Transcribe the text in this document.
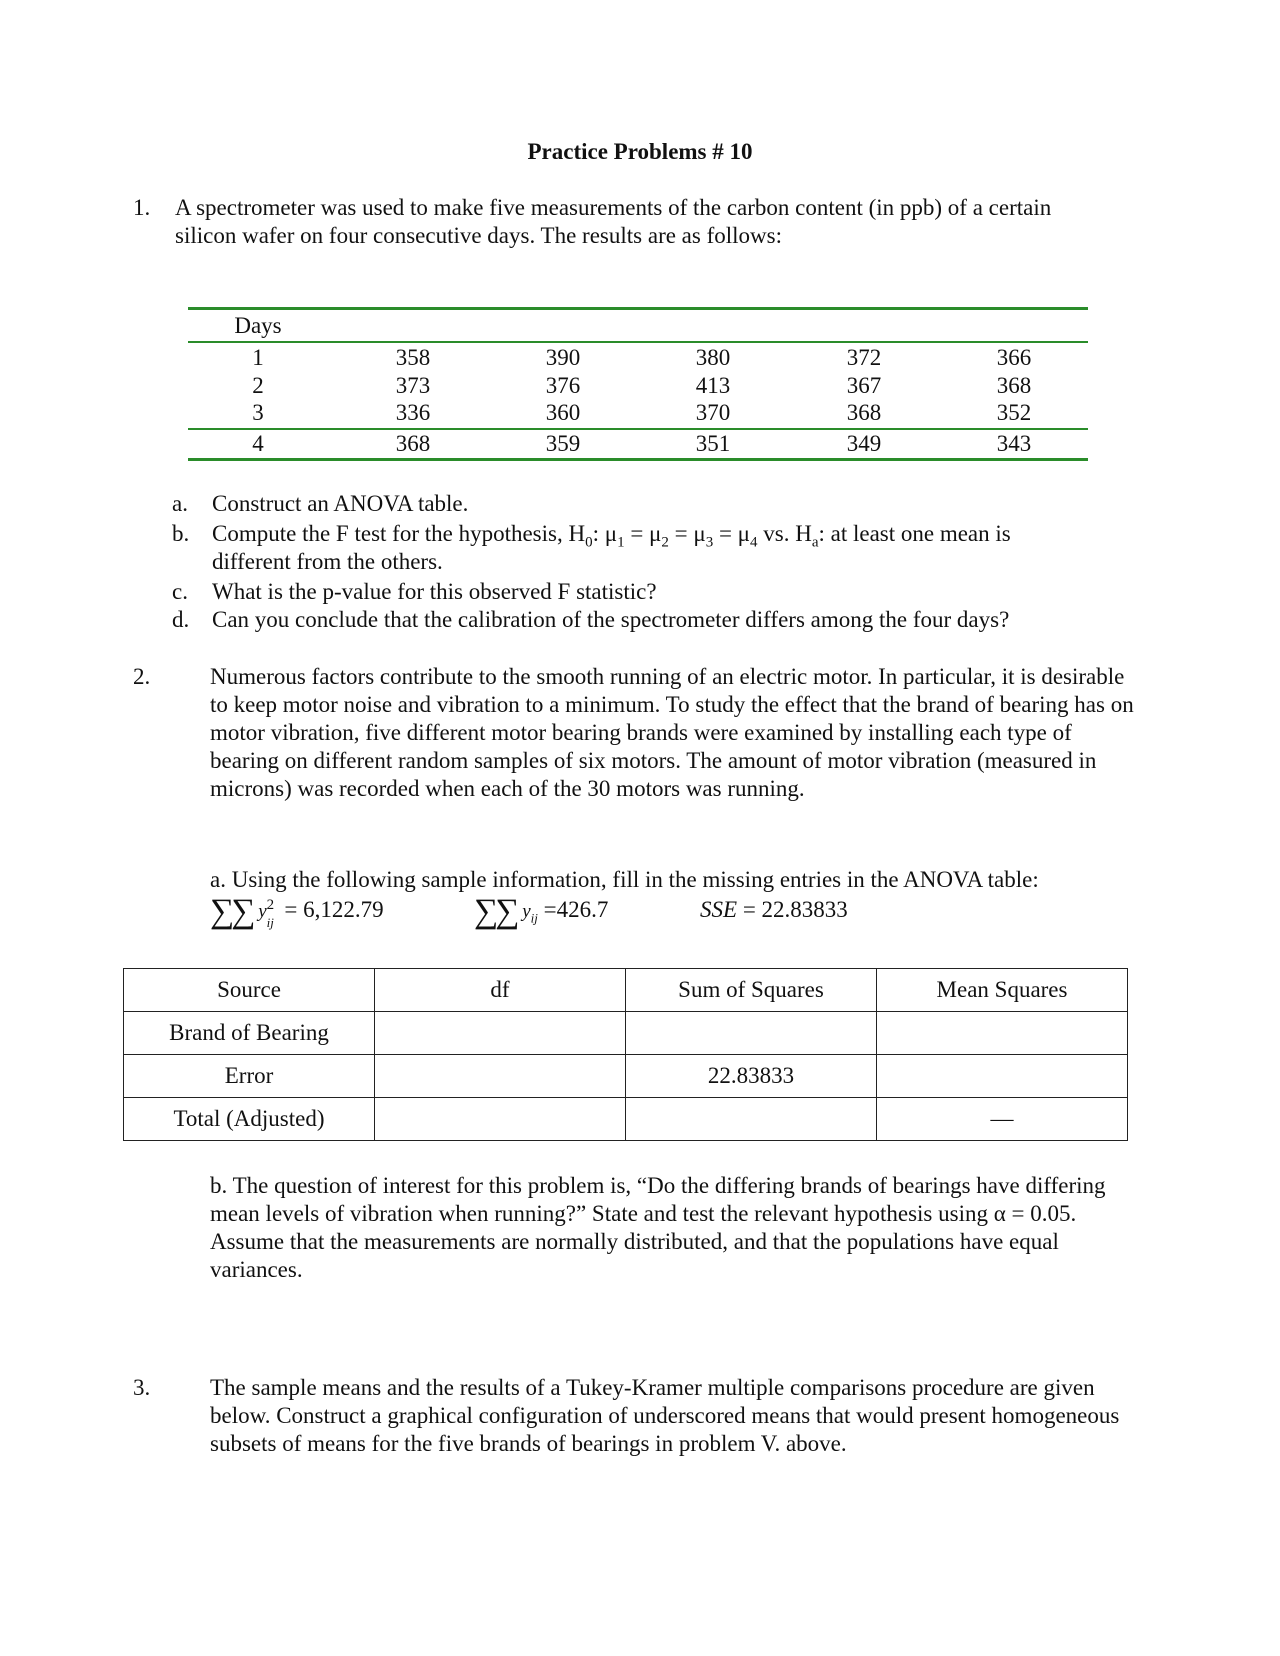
Practice Problems # 10
1.	A spectrometer was used to make five measurements of the carbon content (in ppb) of a certain
silicon wafer on four consecutive days. The results are as follows:
Days
1	358	390	380	372	366
2	373	376	413	367	368
3	336	360	370	368	352
4	368	359	351	349	343
a.	Construct an ANOVA table.
b. Compute the F test for the hypothesis, $H_0$: $\mu_1 = \mu_2 = \mu_3 = \mu_4$ vs. $H_a$: at least one mean is different from the others.
c.	What is the p-value for this observed F statistic?
d. Can you conclude that the calibration of the spectrometer differs among the four days?
2.	Numerous factors contribute to the smooth running of an electric motor. In particular, it is desirable to keep motor noise and vibration to a minimum. To study the effect that the brand of bearing has on motor vibration, five different motor bearing brands were examined by installing each type of bearing on different random samples of six motors. The amount of motor vibration (measured in microns) was recorded when each of the 30 motors was running.

a. Using the following sample information, fill in the missing entries in the ANOVA table:
∑∑ y 2
ij
= 6,122.79	∑∑ $y_{ij} =426.7$	SSE = 22.83833
Source	df	Sum of Squares	Mean Squares
Brand of Bearing			
Error		22.83833	
Total (Adjusted)			—

b. The question of interest for this problem is, “Do the differing brands of bearings have differing mean levels of vibration when running?” State and test the relevant hypothesis using α = 0.05. Assume that the measurements are normally distributed, and that the populations have equal variances.

3.	The sample means and the results of a Tukey-Kramer multiple comparisons procedure are given below. Construct a graphical configuration of underscored means that would present homogeneous subsets of means for the five brands of bearings in problem V. above.
